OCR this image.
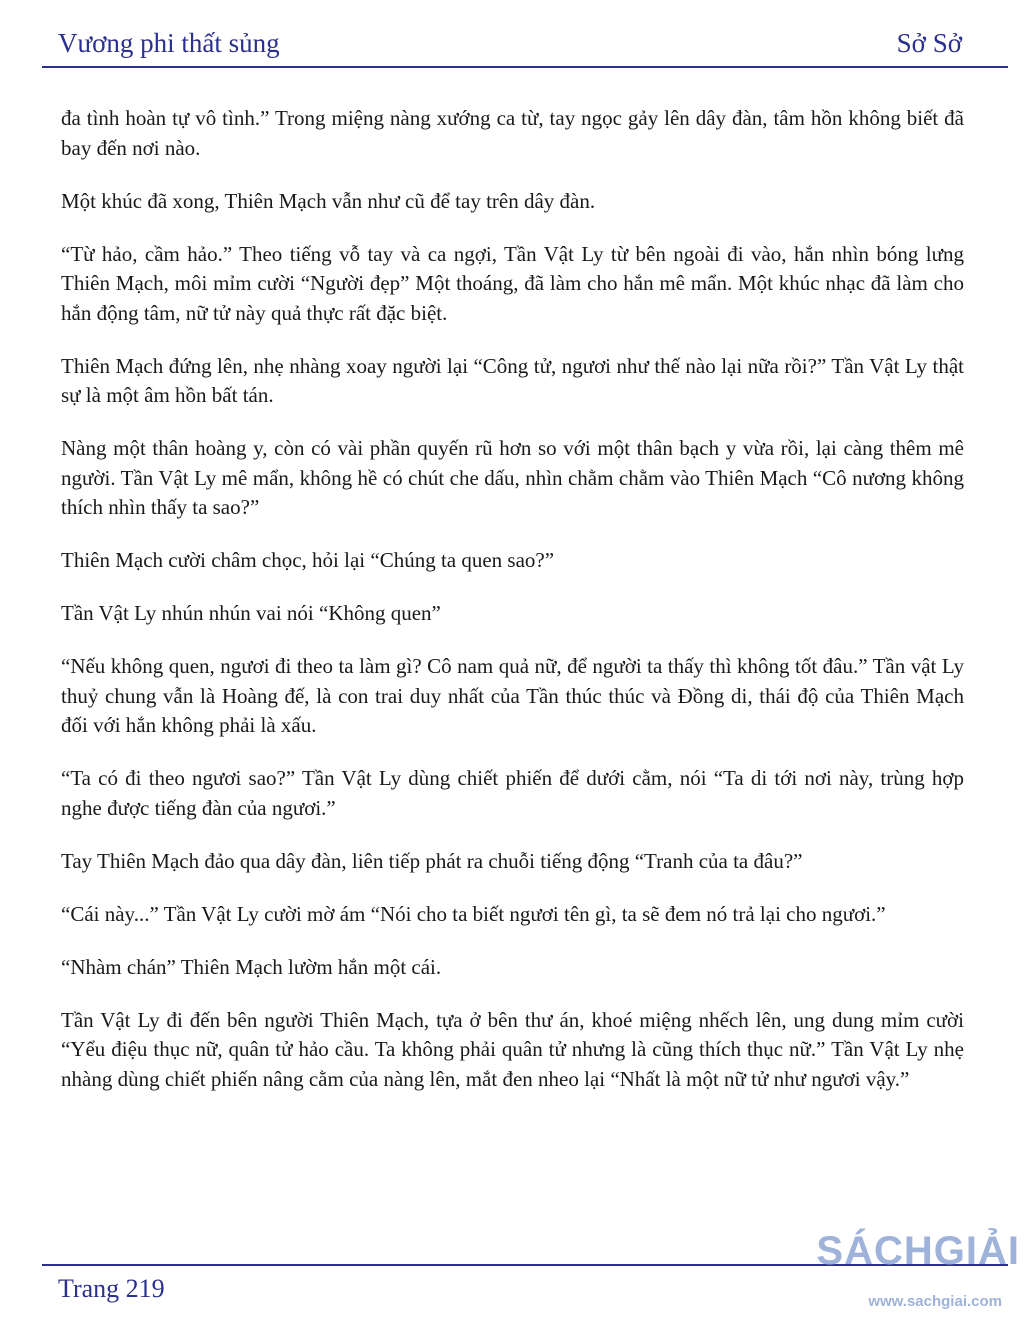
Vương phi thất sủng	Sở Sở

đa tình hoàn tự vô tình.” Trong miệng nàng xướng ca từ, tay ngọc gảy lên dây đàn, tâm hồn không biết đã bay đến nơi nào.

Một khúc đã xong, Thiên Mạch vẫn như cũ để tay trên dây đàn.

“Từ hảo, cầm hảo.” Theo tiếng vỗ tay và ca ngợi, Tần Vật Ly từ bên ngoài đi vào, hắn nhìn bóng lưng Thiên Mạch, môi mỉm cười “Người đẹp” Một thoáng, đã làm cho hắn mê mẩn. Một khúc nhạc đã làm cho hắn động tâm, nữ tử này quả thực rất đặc biệt.

Thiên Mạch đứng lên, nhẹ nhàng xoay người lại “Công tử, ngươi như thế nào lại nữa rồi?” Tần Vật Ly thật sự là một âm hồn bất tán.

Nàng một thân hoàng y, còn có vài phần quyến rũ hơn so với một thân bạch y vừa rồi, lại càng thêm mê người. Tần Vật Ly mê mẩn, không hề có chút che dấu, nhìn chằm chằm vào Thiên Mạch “Cô nương không thích nhìn thấy ta sao?”

Thiên Mạch cười châm chọc, hỏi lại “Chúng ta quen sao?”

Tần Vật Ly nhún nhún vai nói “Không quen”

“Nếu không quen, ngươi đi theo ta làm gì? Cô nam quả nữ, để người ta thấy thì không tốt đâu.” Tần vật Ly thuỷ chung vẫn là Hoàng đế, là con trai duy nhất của Tần thúc thúc và Đồng di, thái độ của Thiên Mạch đối với hắn không phải là xấu.

“Ta có đi theo ngươi sao?” Tần Vật Ly dùng chiết phiến để dưới cằm, nói “Ta di tới nơi này, trùng hợp nghe được tiếng đàn của ngươi.”

Tay Thiên Mạch đảo qua dây đàn, liên tiếp phát ra chuỗi tiếng động “Tranh của ta đâu?”

“Cái này...” Tần Vật Ly cười mờ ám “Nói cho ta biết ngươi tên gì, ta sẽ đem nó trả lại cho ngươi.”

“Nhàm chán” Thiên Mạch lườm hắn một cái.

Tần Vật Ly đi đến bên người Thiên Mạch, tựa ở bên thư án, khoé miệng nhếch lên, ung dung mỉm cười “Yểu điệu thục nữ, quân tử hảo cầu. Ta không phải quân tử nhưng là cũng thích thục nữ.” Tần Vật Ly nhẹ nhàng dùng chiết phiến nâng cằm của nàng lên, mắt đen nheo lại “Nhất là một nữ tử như ngươi vậy.”

Trang 219
SÁCHGIẢI
www.sachgiai.com
